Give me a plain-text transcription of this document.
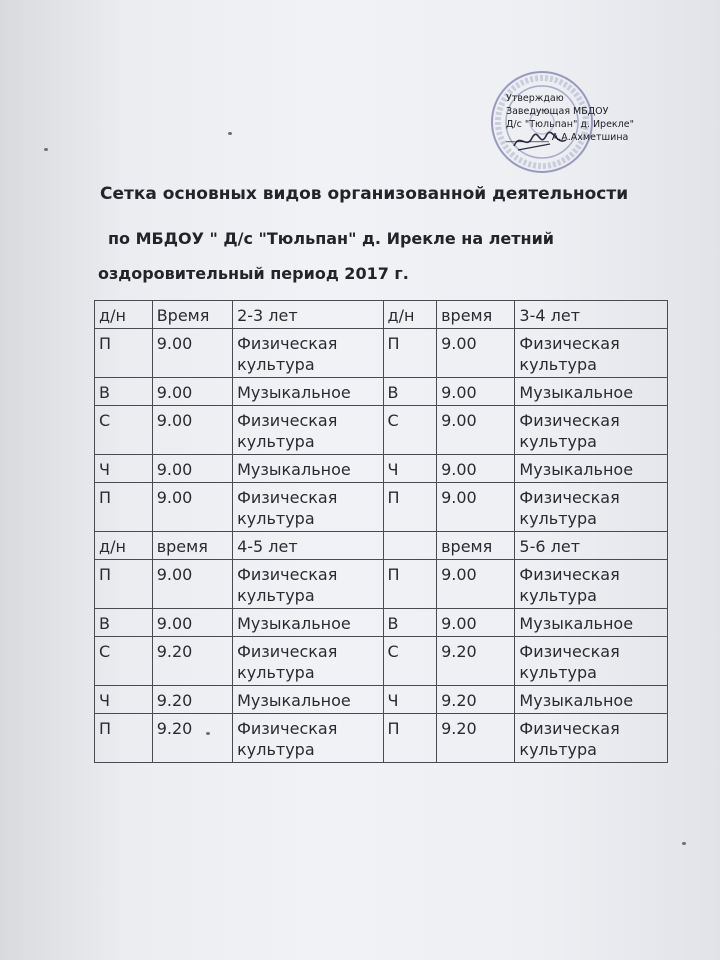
Утверждаю
Заведующая МБДОУ
Д/с "Тюльпан" д. Ирекле"
_________ А.А.Ахметшина
Сетка основных видов организованной деятельности
по МБДОУ " Д/с "Тюльпан" д. Ирекле на летний
оздоровительный период 2017 г.
д/н	Время	2-3 лет	д/н	время	3-4 лет
П	9.00	Физическая культура	П	9.00	Физическая культура
В	9.00	Музыкальное	В	9.00	Музыкальное
С	9.00	Физическая культура	С	9.00	Физическая культура
Ч	9.00	Музыкальное	Ч	9.00	Музыкальное
П	9.00	Физическая культура	П	9.00	Физическая культура
д/н	время	4-5 лет		время	5-6 лет
П	9.00	Физическая культура	П	9.00	Физическая культура
В	9.00	Музыкальное	В	9.00	Музыкальное
С	9.20	Физическая культура	С	9.20	Физическая культура
Ч	9.20	Музыкальное	Ч	9.20	Музыкальное
П	9.20	Физическая культура	П	9.20	Физическая культура
